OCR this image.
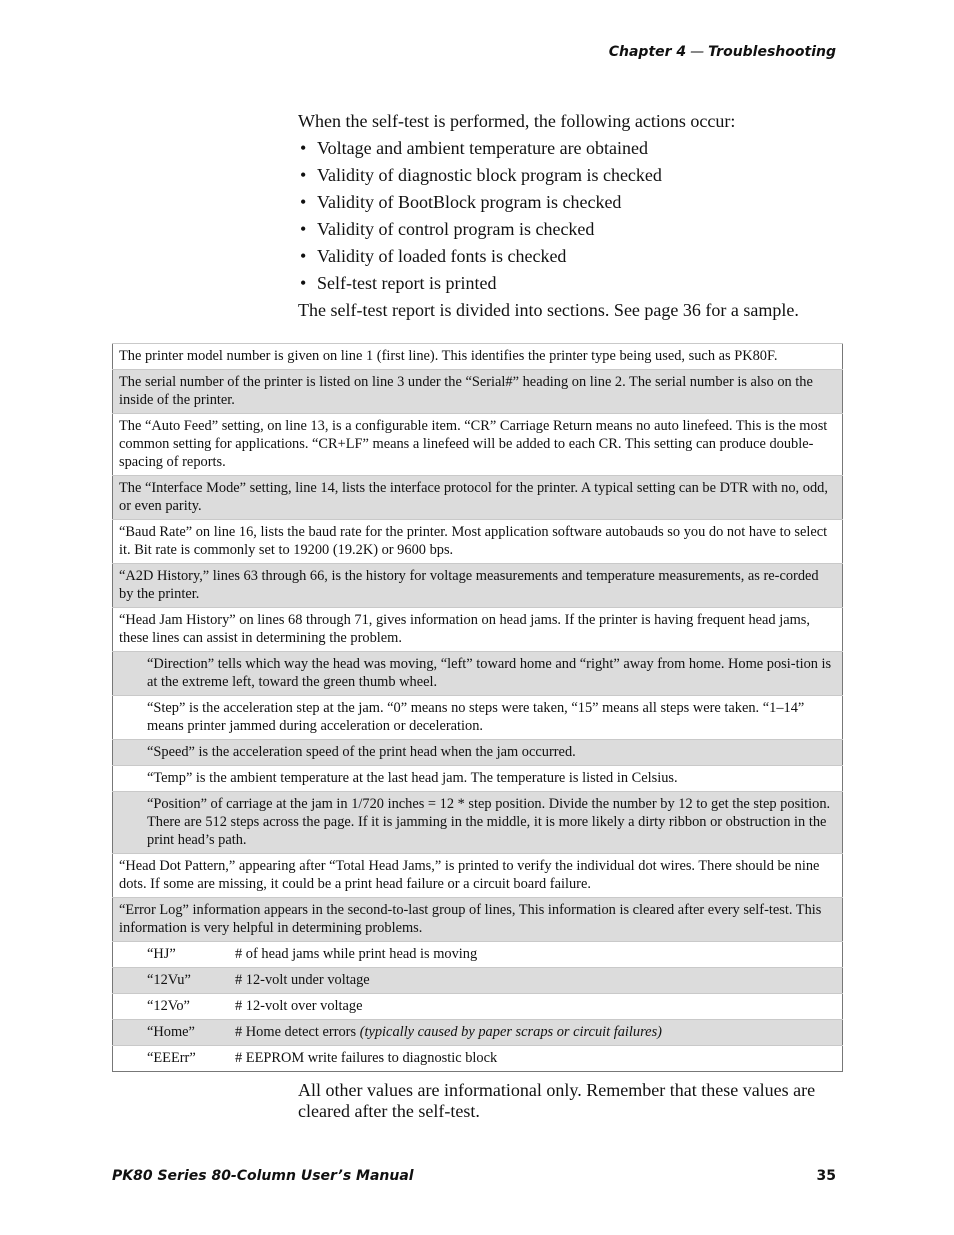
Chapter 4 — Troubleshooting

When the self-test is performed, the following actions occur:

• Voltage and ambient temperature are obtained
• Validity of diagnostic block program is checked
• Validity of BootBlock program is checked
• Validity of control program is checked
• Validity of loaded fonts is checked
• Self-test report is printed

The self-test report is divided into sections. See page 36 for a sample.

The printer model number is given on line 1 (first line). This identifies the printer type being used, such as PK80F.	
The serial number of the printer is listed on line 3 under the “Serial#” heading on line 2. The serial number is also on the inside of the printer.	
The “Auto Feed” setting, on line 13, is a configurable item. “CR” Carriage Return means no auto linefeed. This is the most common setting for applications. “CR+LF” means a linefeed will be added to each CR. This setting can produce double-spacing of reports.	
The “Interface Mode” setting, line 14, lists the interface protocol for the printer. A typical setting can be DTR with no, odd, or even parity.	
“Baud Rate” on line 16, lists the baud rate for the printer. Most application software autobauds so you do not have to select it. Bit rate is commonly set to 19200 (19.2K) or 9600 bps.	
“A2D History,” lines 63 through 66, is the history for voltage measurements and temperature measurements, as re-corded by the printer.	
“Head Jam History” on lines 68 through 71, gives information on head jams. If the printer is having frequent head jams, these lines can assist in determining the problem.	
“Direction” tells which way the head was moving, “left” toward home and “right” away from home. Home posi-tion is at the extreme left, toward the green thumb wheel.	
“Step” is the acceleration step at the jam. “0” means no steps were taken, “15” means all steps were taken. “1–14” means printer jammed during acceleration or deceleration.	
“Speed” is the acceleration speed of the print head when the jam occurred.	
“Temp” is the ambient temperature at the last head jam. The temperature is listed in Celsius.	
“Position” of carriage at the jam in 1/720 inches = 12 * step position. Divide the number by 12 to get the step position. There are 512 steps across the page. If it is jamming in the middle, it is more likely a dirty ribbon or obstruction in the print head’s path.	
“Head Dot Pattern,” appearing after “Total Head Jams,” is printed to verify the individual dot wires. There should be nine dots. If some are missing, it could be a print head failure or a circuit board failure.	
“Error Log” information appears in the second-to-last group of lines, This information is cleared after every self-test. This information is very helpful in determining problems.	
“HJ”	# of head jams while print head is moving
“12Vu”	# 12-volt under voltage
“12Vo”	# 12-volt over voltage
“Home”	# Home detect errors (typically caused by paper scraps or circuit failures)
“EEErr”	# EEPROM write failures to diagnostic block

All other values are informational only. Remember that these values are cleared after the self-test.

PK80 Series 80-Column User’s Manual	35
